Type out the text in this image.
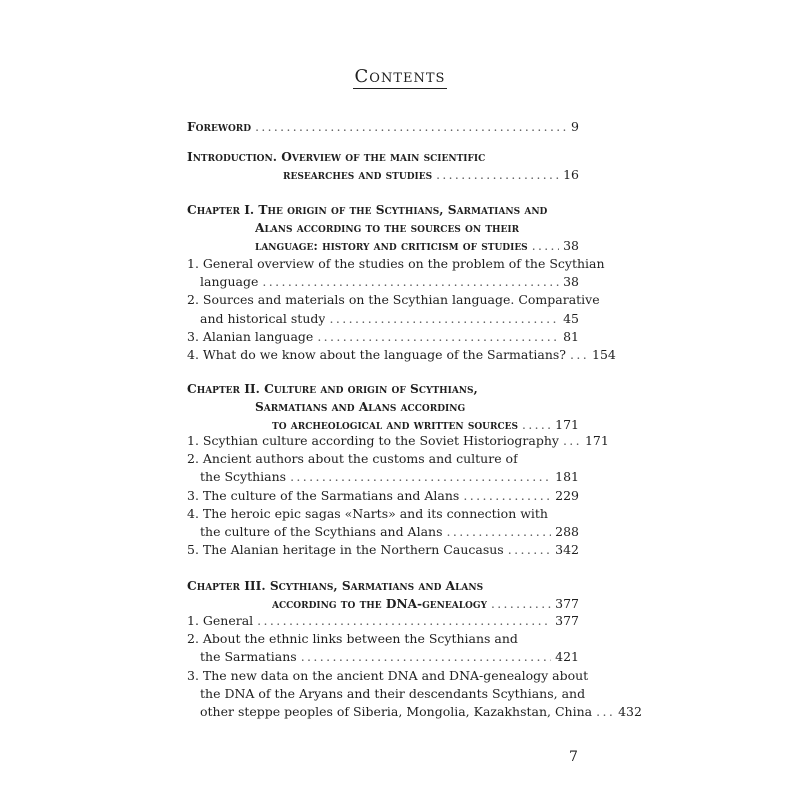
Contents
Foreword .....	9
Introduction. Overview of the main scientific
researches and studies .....	16
Chapter I. The origin of the Scythians, Sarmatians and
Alans according to the sources on their
language: history and criticism of studies .....	38
1. General overview of the studies on the problem of the Scythian
language .....	38
2. Sources and materials on the Scythian language. Comparative
and historical study .....	45
3. Alanian language .....	81
4. What do we know about the language of the Sarmatians? ..... 154
Chapter II. Culture and origin of Scythians,
Sarmatians and Alans according
to archeological and written sources .....	171
1. Scythian culture according to the Soviet Historiography ..... 171
2. Ancient authors about the customs and culture of
the Scythians .....	181
3. The culture of the Sarmatians and Alans .....	229
4. The heroic epic sagas «Narts» and its connection with
the culture of the Scythians and Alans .....	288
5. The Alanian heritage in the Northern Caucasus .....	342
Chapter III. Scythians, Sarmatians and Alans
according to the DNA-genealogy .....	377
1. General .....	377
2. About the ethnic links between the Scythians and
the Sarmatians .....	421
3. The new data on the ancient DNA and DNA-genealogy about
the DNA of the Aryans and their descendants Scythians, and
other steppe peoples of Siberia, Mongolia, Kazakhstan, China ..... 432
7
